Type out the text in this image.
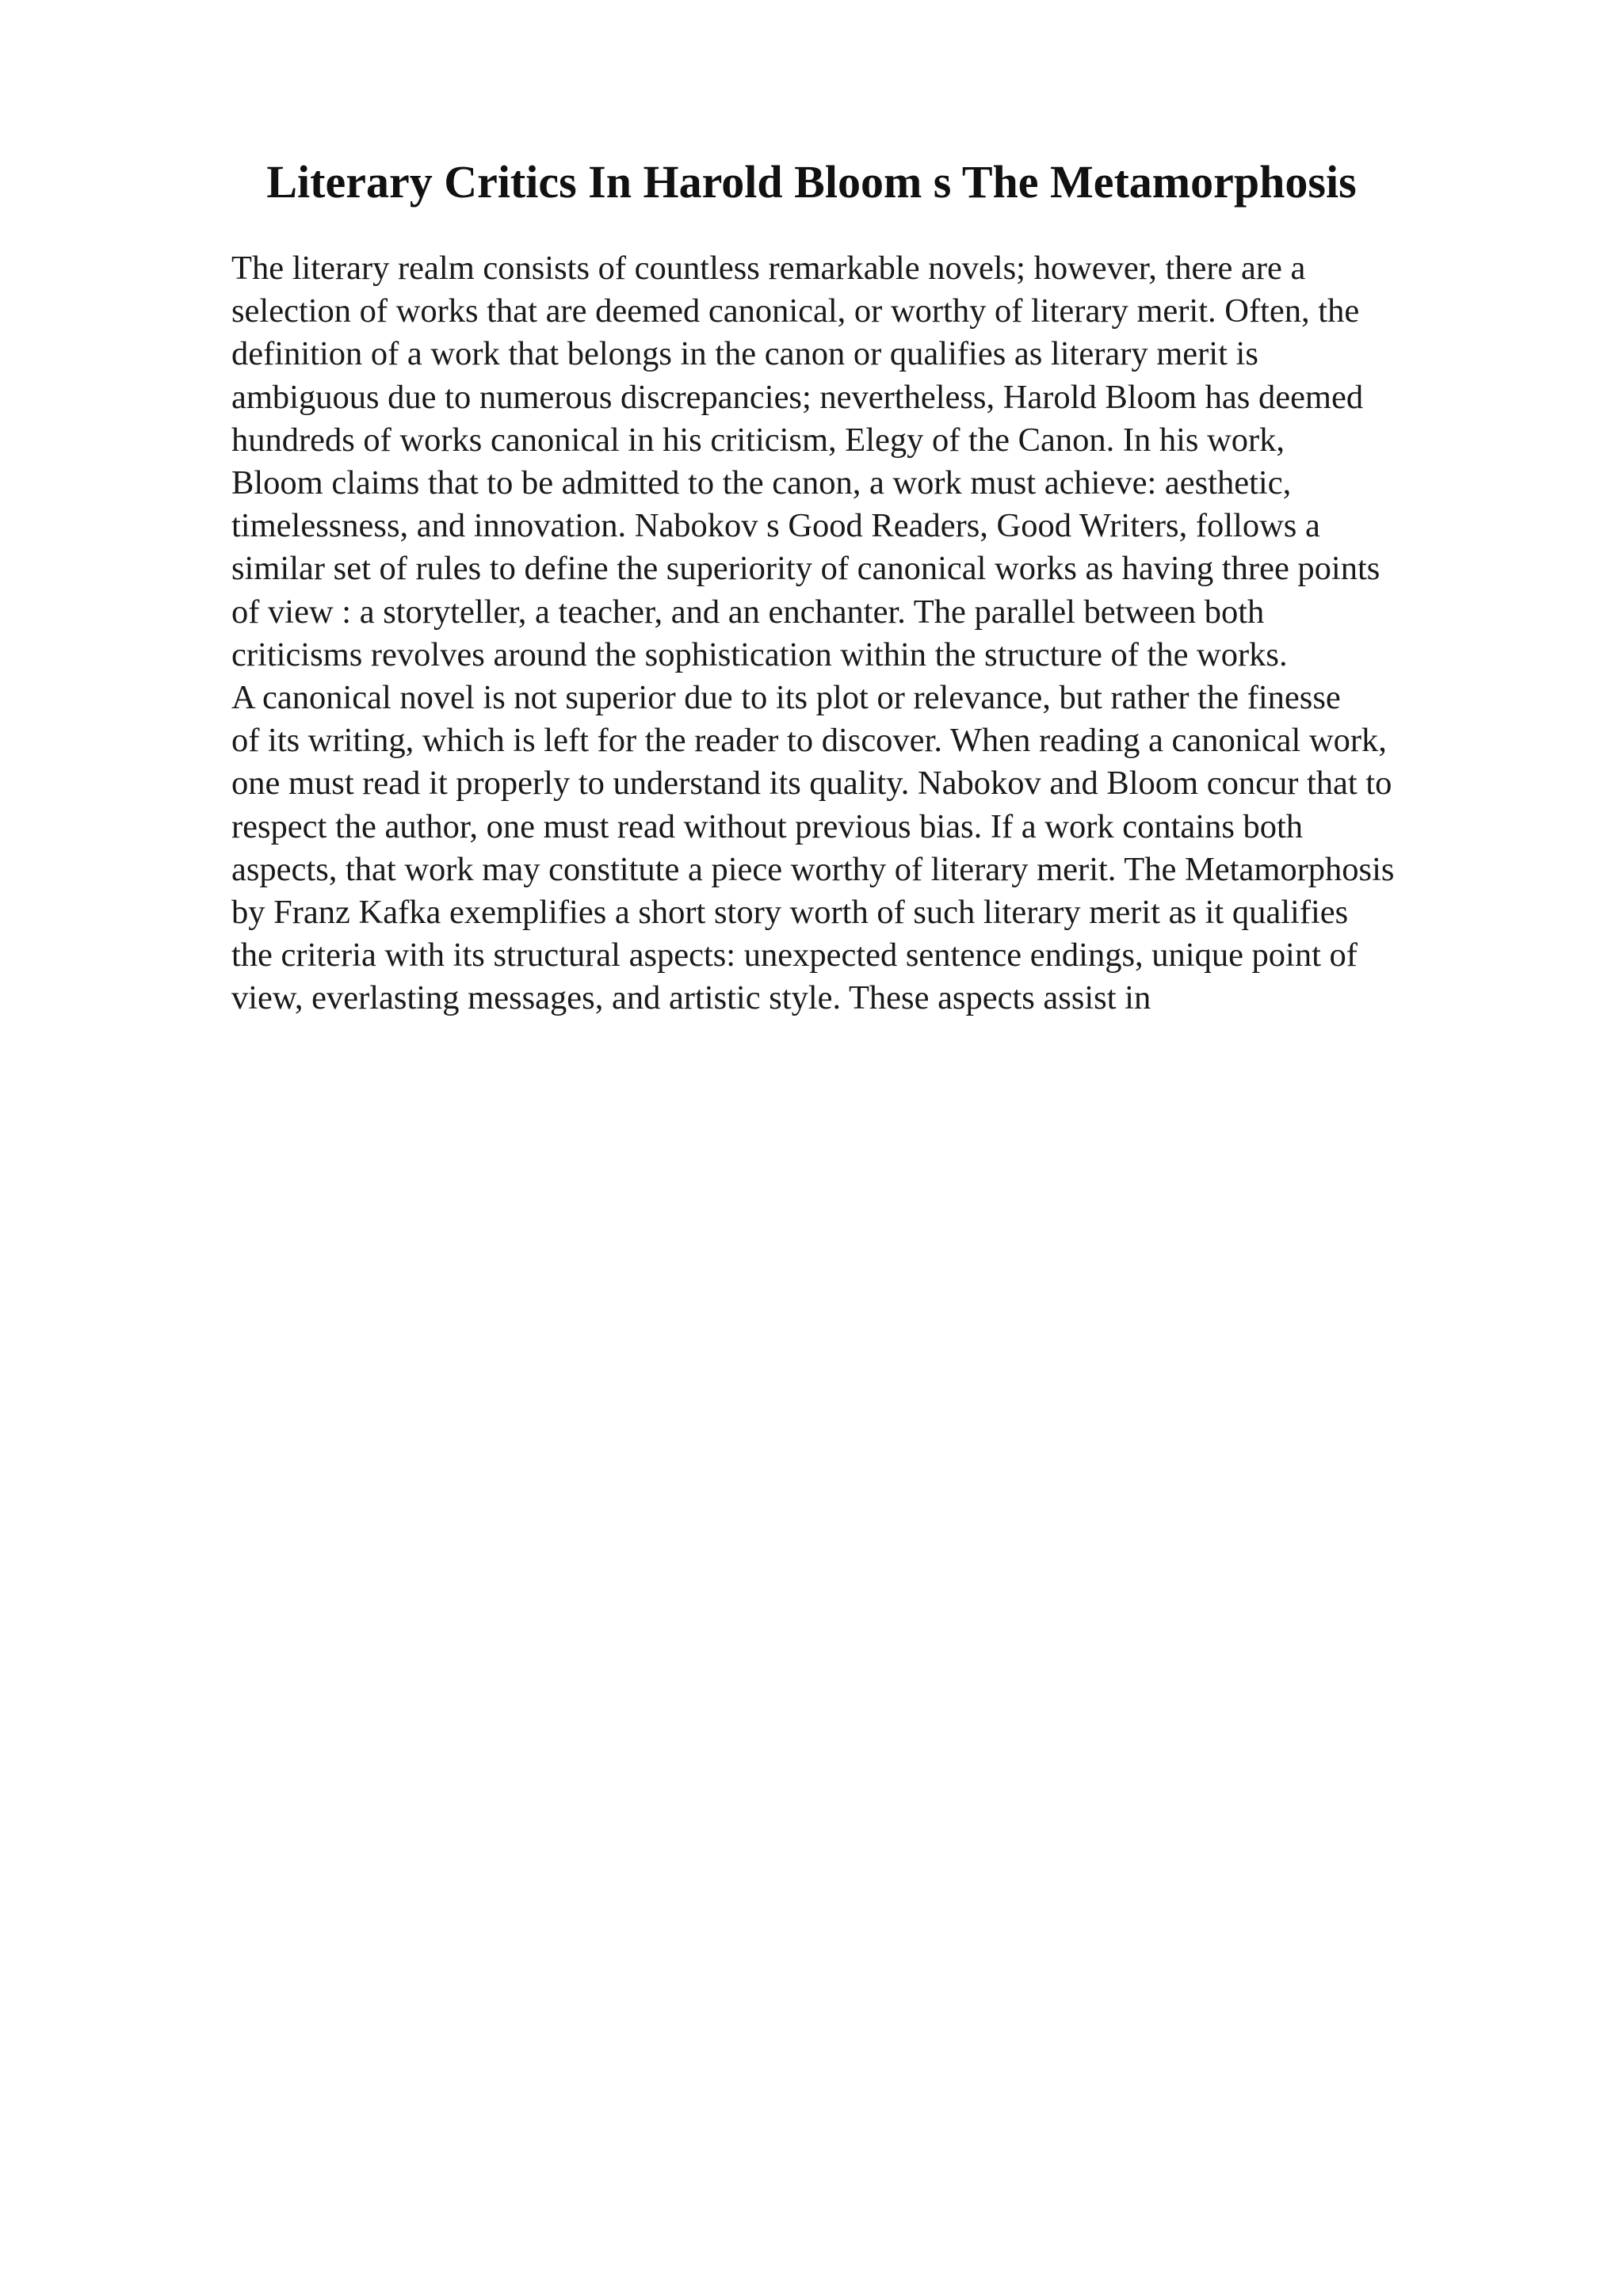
Literary Critics In Harold Bloom s The Metamorphosis
The literary realm consists of countless remarkable novels; however, there are a
selection of works that are deemed canonical, or worthy of literary merit. Often, the
definition of a work that belongs in the canon or qualifies as literary merit is
ambiguous due to numerous discrepancies; nevertheless, Harold Bloom has deemed
hundreds of works canonical in his criticism, Elegy of the Canon. In his work,
Bloom claims that to be admitted to the canon, a work must achieve: aesthetic,
timelessness, and innovation. Nabokov s Good Readers, Good Writers, follows a
similar set of rules to define the superiority of canonical works as having three points
of view : a storyteller, a teacher, and an enchanter. The parallel between both
criticisms revolves around the sophistication within the structure of the works.
A canonical novel is not superior due to its plot or relevance, but rather the finesse
of its writing, which is left for the reader to discover. When reading a canonical work,
one must read it properly to understand its quality. Nabokov and Bloom concur that to
respect the author, one must read without previous bias. If a work contains both
aspects, that work may constitute a piece worthy of literary merit. The Metamorphosis
by Franz Kafka exemplifies a short story worth of such literary merit as it qualifies
the criteria with its structural aspects: unexpected sentence endings, unique point of
view, everlasting messages, and artistic style. These aspects assist in
